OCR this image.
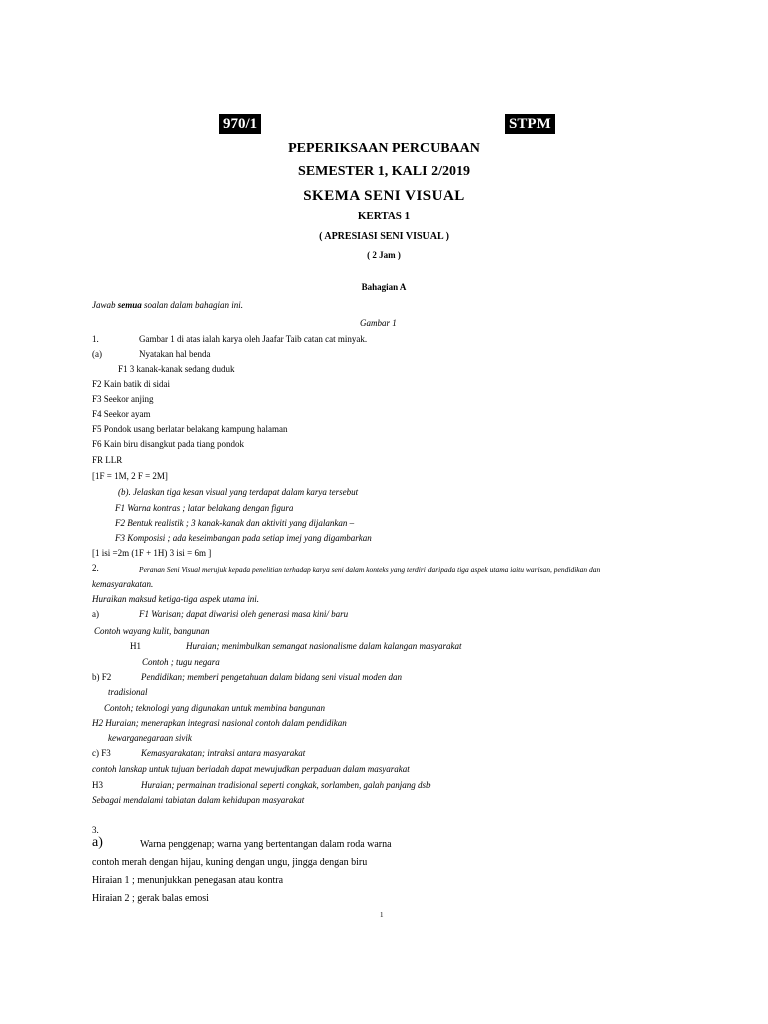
970/1	STPM
PEPERIKSAAN PERCUBAAN
SEMESTER 1, KALI 2/2019
SKEMA SENI VISUAL
KERTAS 1
( APRESIASI SENI VISUAL )
( 2 Jam )
Bahagian A
Jawab semua soalan dalam bahagian ini.
Gambar 1
1.	Gambar 1 di atas ialah karya oleh Jaafar Taib catan cat minyak.
(a)	Nyatakan hal benda
F1 3 kanak-kanak sedang duduk
F2 Kain batik di sidai
F3 Seekor anjing
F4 Seekor ayam
F5 Pondok usang berlatar belakang kampung halaman
F6 Kain biru disangkut pada tiang pondok
FR LLR
[1F = 1M, 2 F = 2M]
(b). Jelaskan tiga kesan visual yang terdapat dalam karya tersebut
F1 Warna kontras ; latar belakang dengan figura
F2 Bentuk realistik ; 3 kanak-kanak dan aktiviti yang dijalankan –
F3 Komposisi ; ada keseimbangan pada setiap imej yang digambarkan
[1 isi =2m (1F + 1H) 3 isi = 6m ]
2.	Peranan Seni Visual merujuk kepada penelitian terhadap karya seni dalam konteks yang terdiri daripada tiga aspek utama iaitu warisan, pendidikan dan
kemasyarakatan.
Huraikan maksud ketiga-tiga aspek utama ini.
a)	F1 Warisan; dapat diwarisi oleh generasi masa kini/ baru
Contoh wayang kulit, bangunan
H1	Huraian; menimbulkan semangat nasionalisme dalam kalangan masyarakat
Contoh ; tugu negara
b) F2	Pendidikan; memberi pengetahuan dalam bidang seni visual moden dan
tradisional
Contoh; teknologi yang digunakan untuk membina bangunan
H2 Huraian; menerapkan integrasi nasional contoh dalam pendidikan
kewarganegaraan sivik
c) F3	Kemasyarakatan; intraksi antara masyarakat
contoh lanskap untuk tujuan beriadah dapat mewujudkan perpaduan dalam masyarakat
H3	Huraian; permainan tradisional seperti congkak, sorlamben, galah panjang dsb
Sebagai mendalami tabiatan dalam kehidupan masyarakat
3.
a)	Warna penggenap; warna yang bertentangan dalam roda warna
contoh merah dengan hijau, kuning dengan ungu, jingga dengan biru
Hiraian 1 ; menunjukkan penegasan atau kontra
Hiraian 2 ; gerak balas emosi
1
